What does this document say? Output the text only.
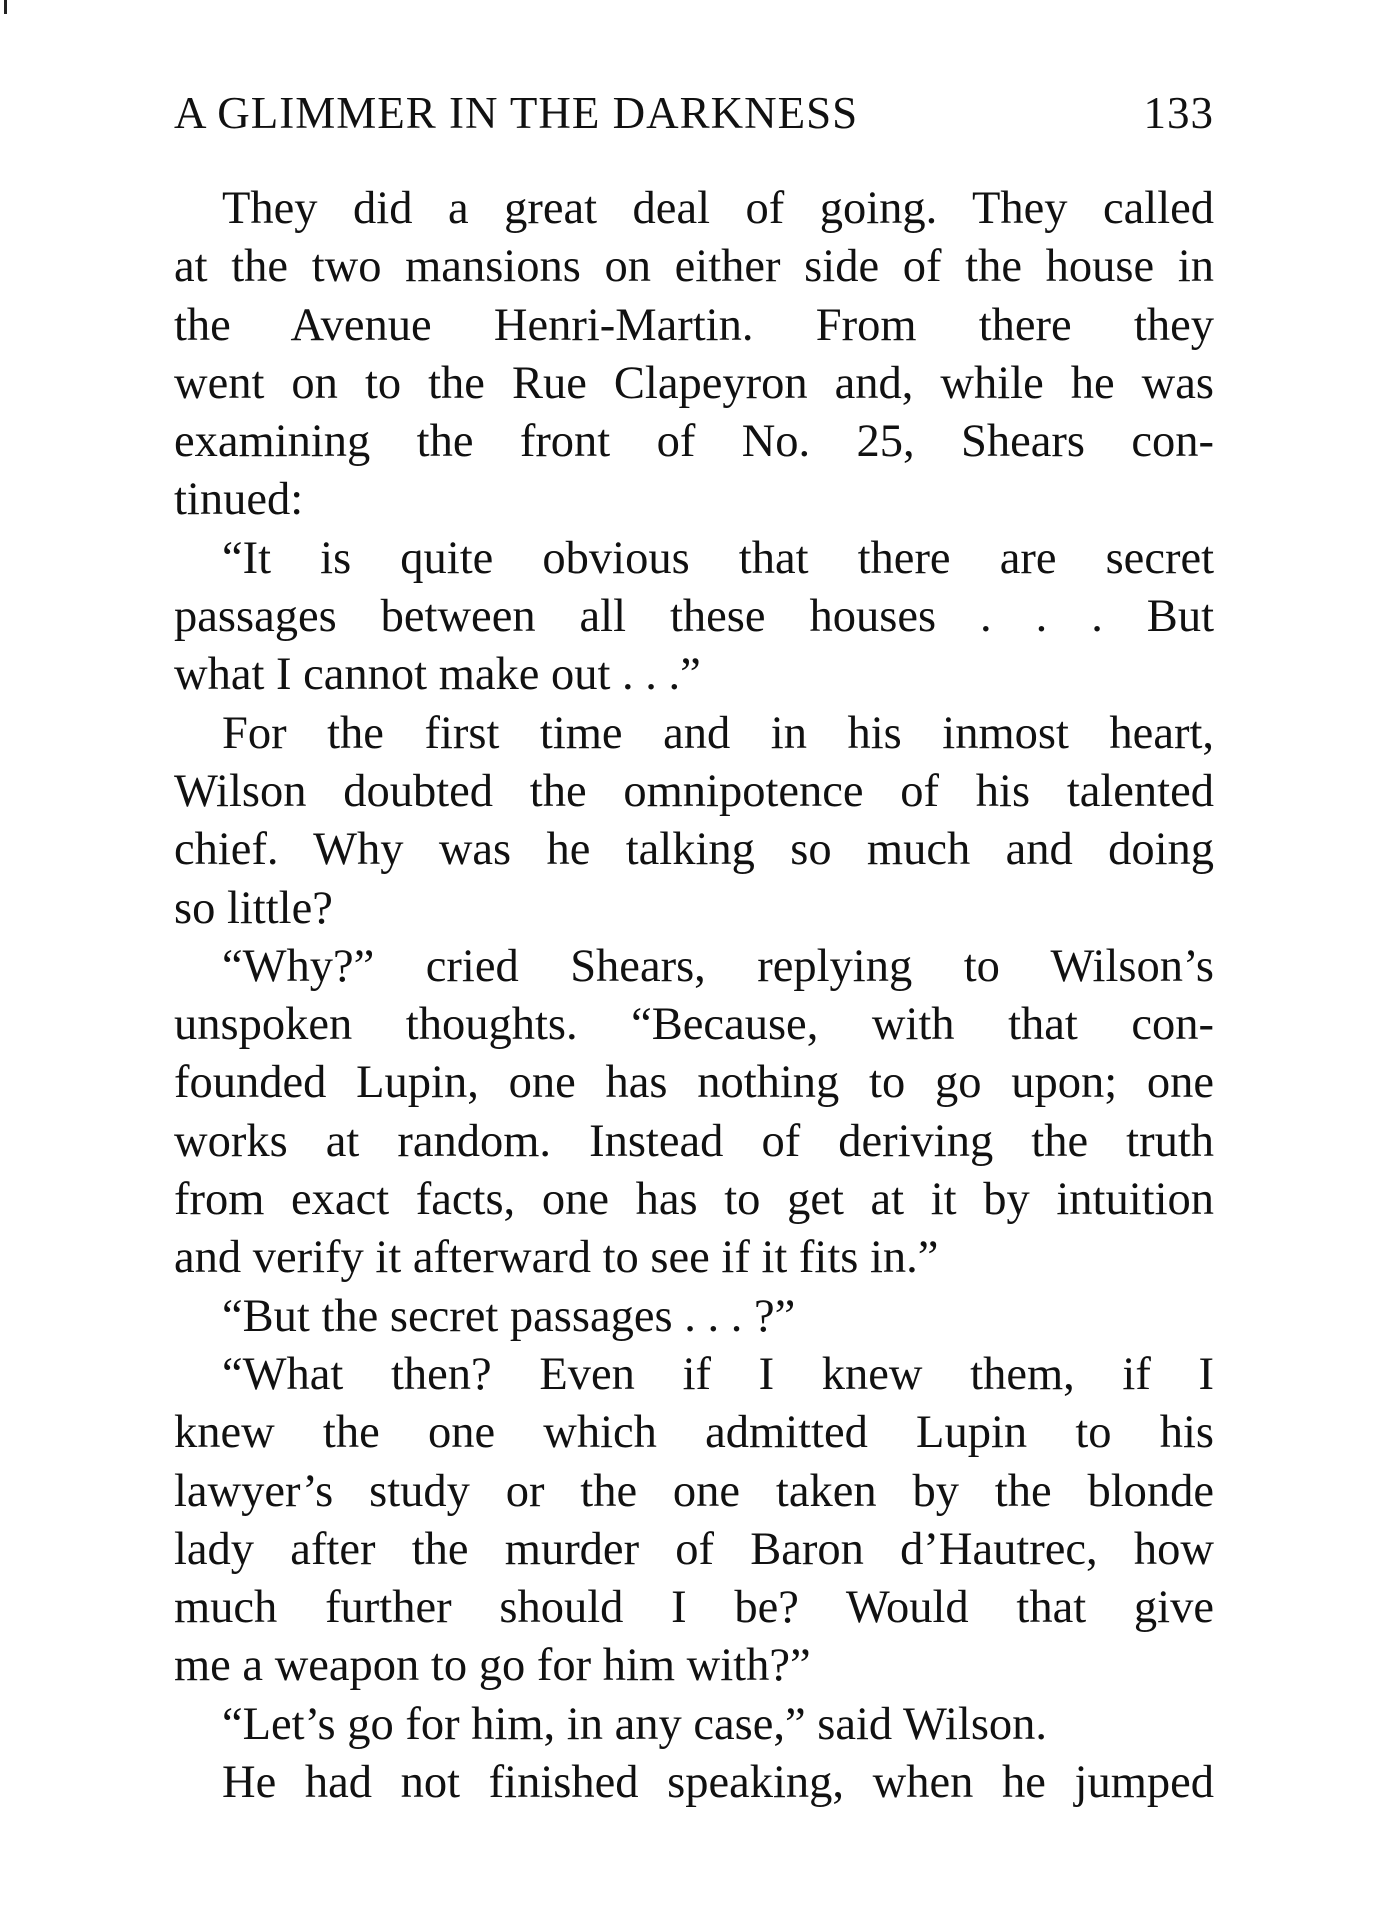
A GLIMMER IN THE DARKNESS	133
They did a great deal of going. They called
at the two mansions on either side of the house in
the Avenue Henri-Martin. From there they
went on to the Rue Clapeyron and, while he was
examining the front of No. 25, Shears con-
tinued:
“It is quite obvious that there are secret
passages between all these houses . . . But
what I cannot make out . . .”
For the first time and in his inmost heart,
Wilson doubted the omnipotence of his talented
chief. Why was he talking so much and doing
so little?
“Why?” cried Shears, replying to Wilson’s
unspoken thoughts. “Because, with that con-
founded Lupin, one has nothing to go upon; one
works at random. Instead of deriving the truth
from exact facts, one has to get at it by intuition
and verify it afterward to see if it fits in.”
“But the secret passages . . . ?”
“What then? Even if I knew them, if I
knew the one which admitted Lupin to his
lawyer’s study or the one taken by the blonde
lady after the murder of Baron d’Hautrec, how
much further should I be? Would that give
me a weapon to go for him with?”
“Let’s go for him, in any case,” said Wilson.
He had not finished speaking, when he jumped
